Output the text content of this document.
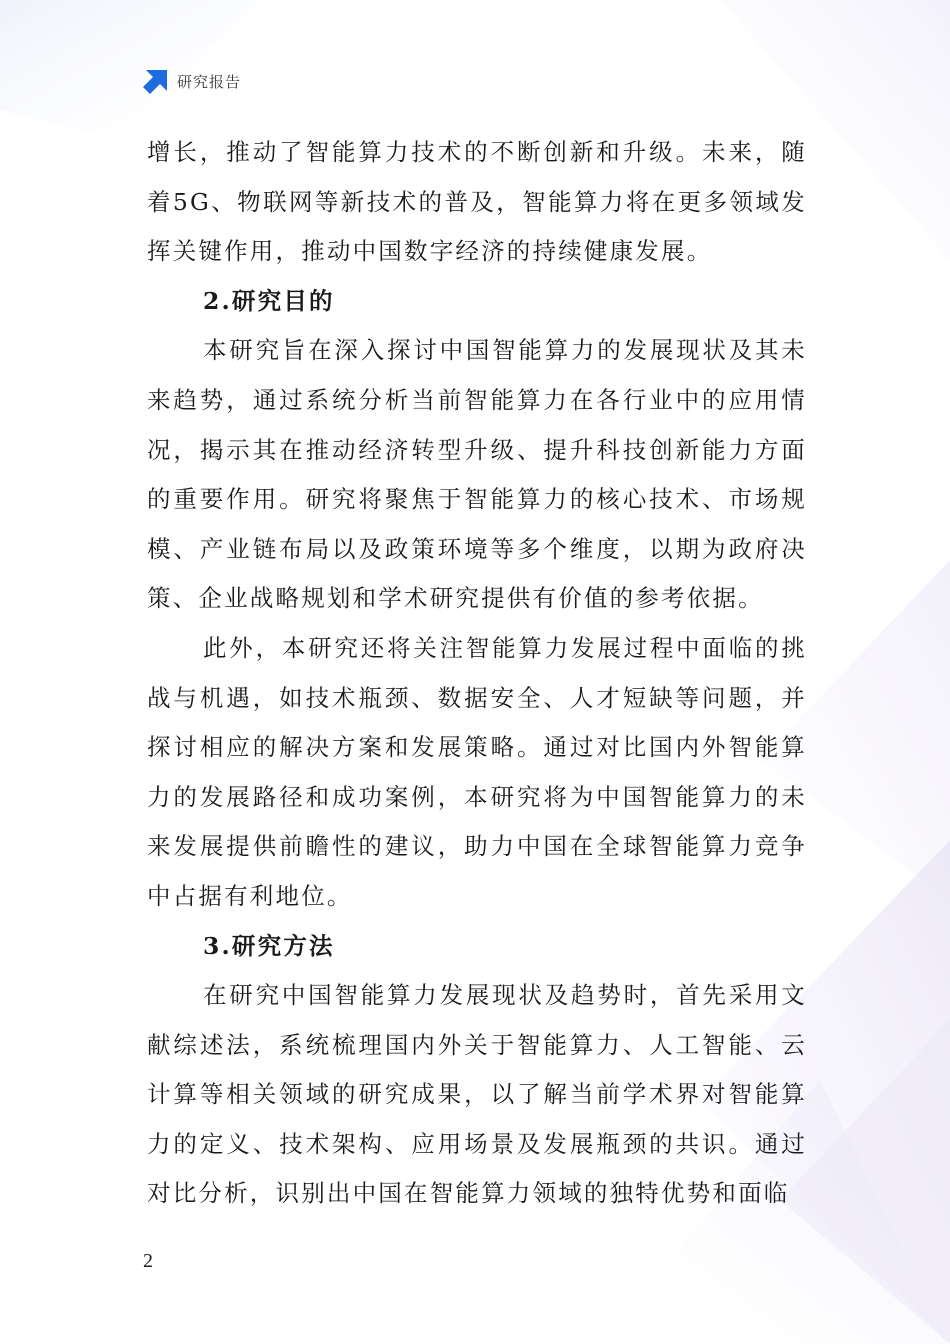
研究报告

增长，推动了智能算力技术的不断创新和升级。未来，随着5G、物联网等新技术的普及，智能算力将在更多领域发挥关键作用，推动中国数字经济的持续健康发展。

2.研究目的

本研究旨在深入探讨中国智能算力的发展现状及其未来趋势，通过系统分析当前智能算力在各行业中的应用情况，揭示其在推动经济转型升级、提升科技创新能力方面的重要作用。研究将聚焦于智能算力的核心技术、市场规模、产业链布局以及政策环境等多个维度，以期为政府决策、企业战略规划和学术研究提供有价值的参考依据。

此外，本研究还将关注智能算力发展过程中面临的挑战与机遇，如技术瓶颈、数据安全、人才短缺等问题，并探讨相应的解决方案和发展策略。通过对比国内外智能算力的发展路径和成功案例，本研究将为中国智能算力的未来发展提供前瞻性的建议，助力中国在全球智能算力竞争中占据有利地位。

3.研究方法

在研究中国智能算力发展现状及趋势时，首先采用文献综述法，系统梳理国内外关于智能算力、人工智能、云计算等相关领域的研究成果，以了解当前学术界对智能算力的定义、技术架构、应用场景及发展瓶颈的共识。通过对比分析，识别出中国在智能算力领域的独特优势和面临

2
